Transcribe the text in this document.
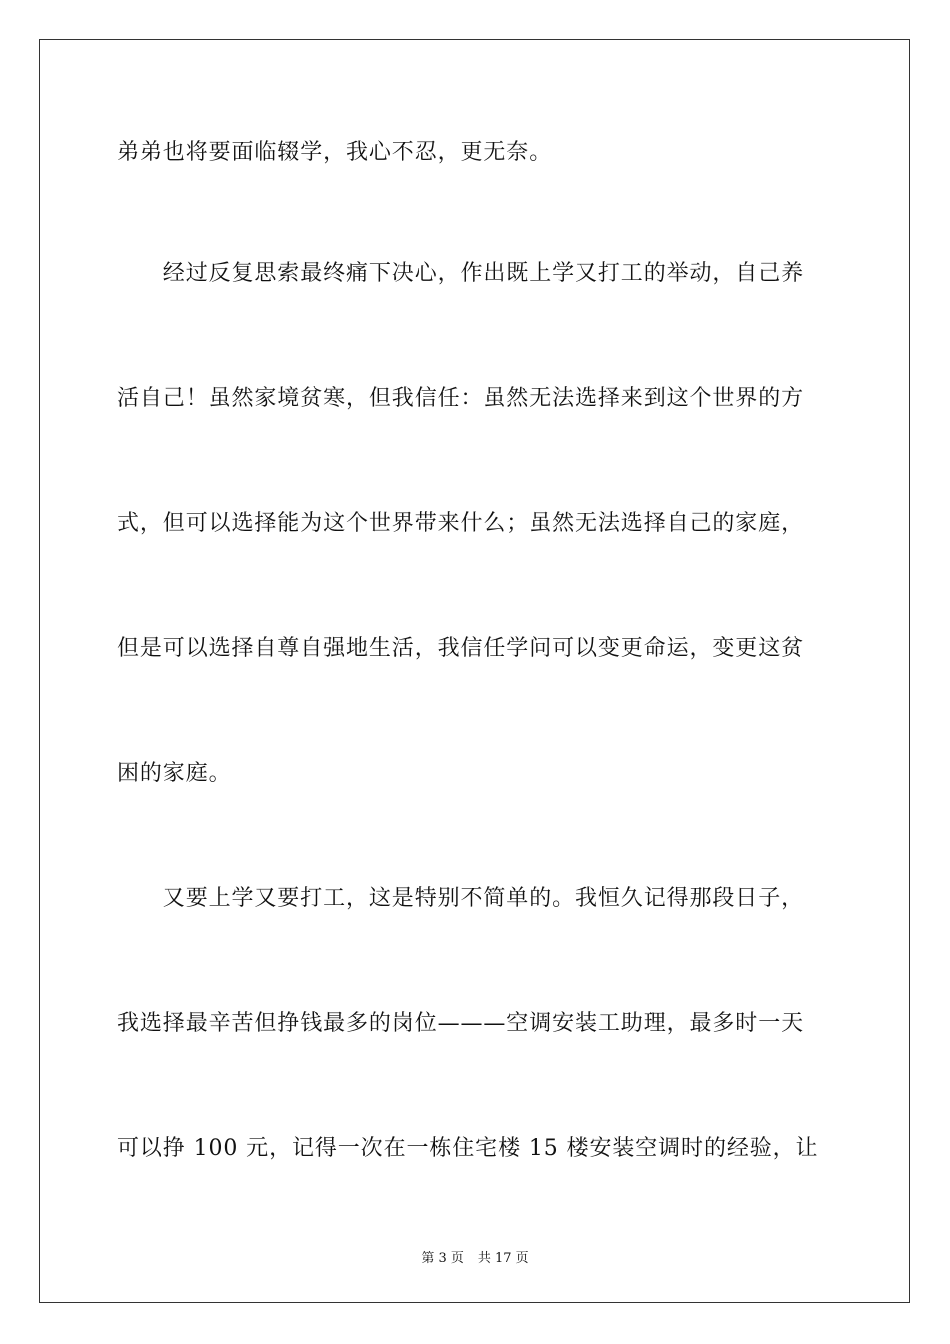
弟弟也将要面临辍学，我心不忍，更无奈。
　　经过反复思索最终痛下决心，作出既上学又打工的举动，自己养
活自己！虽然家境贫寒，但我信任：虽然无法选择来到这个世界的方
式，但可以选择能为这个世界带来什么；虽然无法选择自己的家庭，
但是可以选择自尊自强地生活，我信任学问可以变更命运，变更这贫
困的家庭。
　　又要上学又要打工，这是特别不简单的。我恒久记得那段日子，
我选择最辛苦但挣钱最多的岗位———空调安装工助理，最多时一天
可以挣 100 元，记得一次在一栋住宅楼 15 楼安装空调时的经验，让
第 3 页 共 17 页
